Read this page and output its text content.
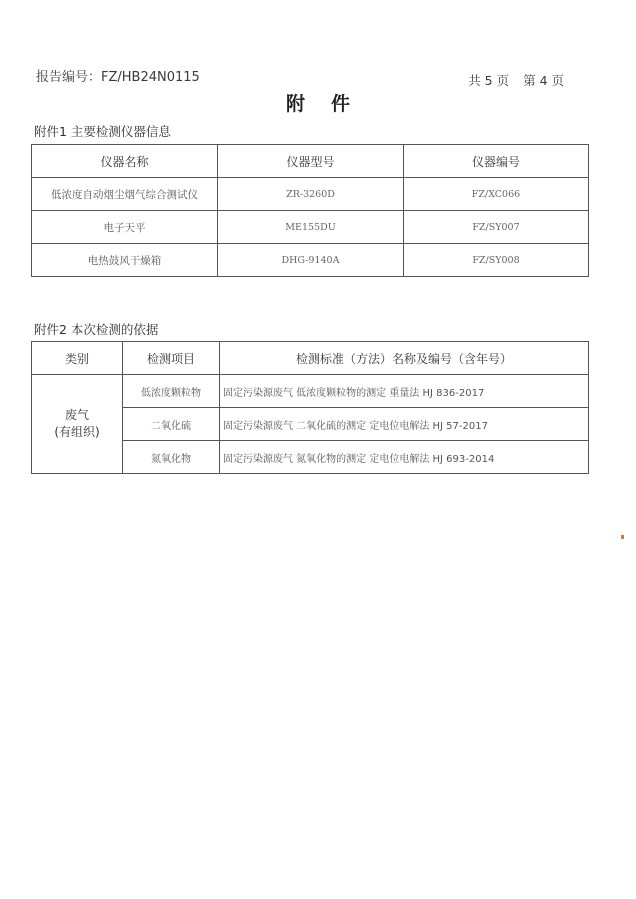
报告编号：FZ/HB24N0115	共 5 页 第 4 页
附件
附件1 主要检测仪器信息
仪器名称	仪器型号	仪器编号
低浓度自动烟尘烟气综合测试仪	ZR-3260D	FZ/XC066
电子天平	ME155DU	FZ/SY007
电热鼓风干燥箱	DHG-9140A	FZ/SY008
附件2 本次检测的依据
类别	检测项目	检测标准（方法）名称及编号（含年号）

废气
(有组织)	低浓度颗粒物	固定污染源废气 低浓度颗粒物的测定 重量法 HJ 836-2017
	二氧化硫	固定污染源废气 二氧化硫的测定 定电位电解法 HJ 57-2017
	氮氧化物	固定污染源废气 氮氧化物的测定 定电位电解法 HJ 693-2014
